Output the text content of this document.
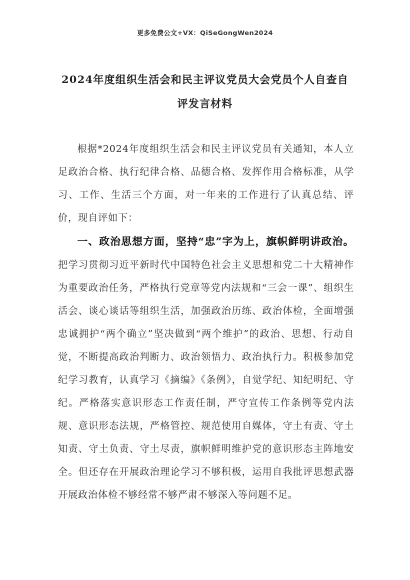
更多免费公文+VX：QiSeGongWen2024
2024年度组织生活会和民主评议党员大会党员个人自查自评发言材料

根据*2024年度组织生活会和民主评议党员有关通知，本人立足政治合格、执行纪律合格、品德合格、发挥作用合格标准，从学习、工作、生活三个方面，对一年来的工作进行了认真总结、评价，现自评如下：

一、政治思想方面，坚持“忠”字为上，旗帜鲜明讲政治。把学习贯彻习近平新时代中国特色社会主义思想和党二十大精神作为重要政治任务，严格执行党章等党内法规和“三会一课”、组织生活会、谈心谈话等组织生活，加强政治历练、政治体检，全面增强忠诚拥护“两个确立”坚决做到“两个维护”的政治、思想、行动自觉，不断提高政治判断力、政治领悟力、政治执行力。积极参加党纪学习教育，认真学习《摘编》《条例》，自觉学纪、知纪明纪、守纪。严格落实意识形态工作责任制，严守宣传工作条例等党内法规、意识形态法规，严格管控、规范使用自媒体，守土有责、守土知责、守土负责、守土尽责，旗帜鲜明维护党的意识形态主阵地安全。但还存在开展政治理论学习不够积极，运用自我批评思想武器开展政治体检不够经常不够严肃不够深入等问题不足。
